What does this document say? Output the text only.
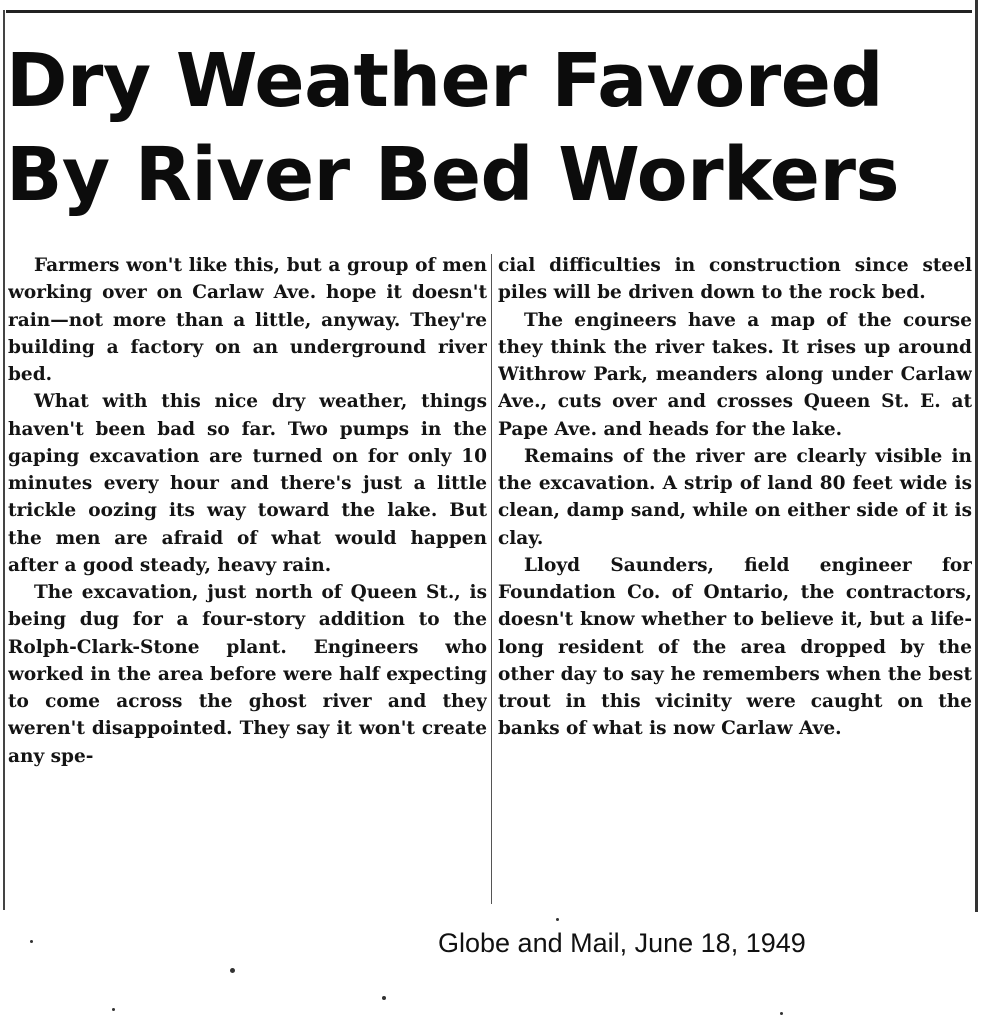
Dry Weather Favored
By River Bed Workers

Farmers won't like this, but a group of men working over on Carlaw Ave. hope it doesn't rain—not more than a little, anyway. They're building a factory on an underground river bed.

What with this nice dry weather, things haven't been bad so far. Two pumps in the gaping excavation are turned on for only 10 minutes every hour and there's just a little trickle oozing its way toward the lake. But the men are afraid of what would happen after a good steady, heavy rain.

The excavation, just north of Queen St., is being dug for a four-story addition to the Rolph-Clark-Stone plant. Engineers who worked in the area before were half expecting to come across the ghost river and they weren't disappointed. They say it won't create any spe-

cial difficulties in construction since steel piles will be driven down to the rock bed.

The engineers have a map of the course they think the river takes. It rises up around Withrow Park, meanders along under Carlaw Ave., cuts over and crosses Queen St. E. at Pape Ave. and heads for the lake.

Remains of the river are clearly visible in the excavation. A strip of land 80 feet wide is clean, damp sand, while on either side of it is clay.

Lloyd Saunders, field engineer for Foundation Co. of Ontario, the contractors, doesn't know whether to believe it, but a life-long resident of the area dropped by the other day to say he remembers when the best trout in this vicinity were caught on the banks of what is now Carlaw Ave.

Globe and Mail, June 18, 1949
